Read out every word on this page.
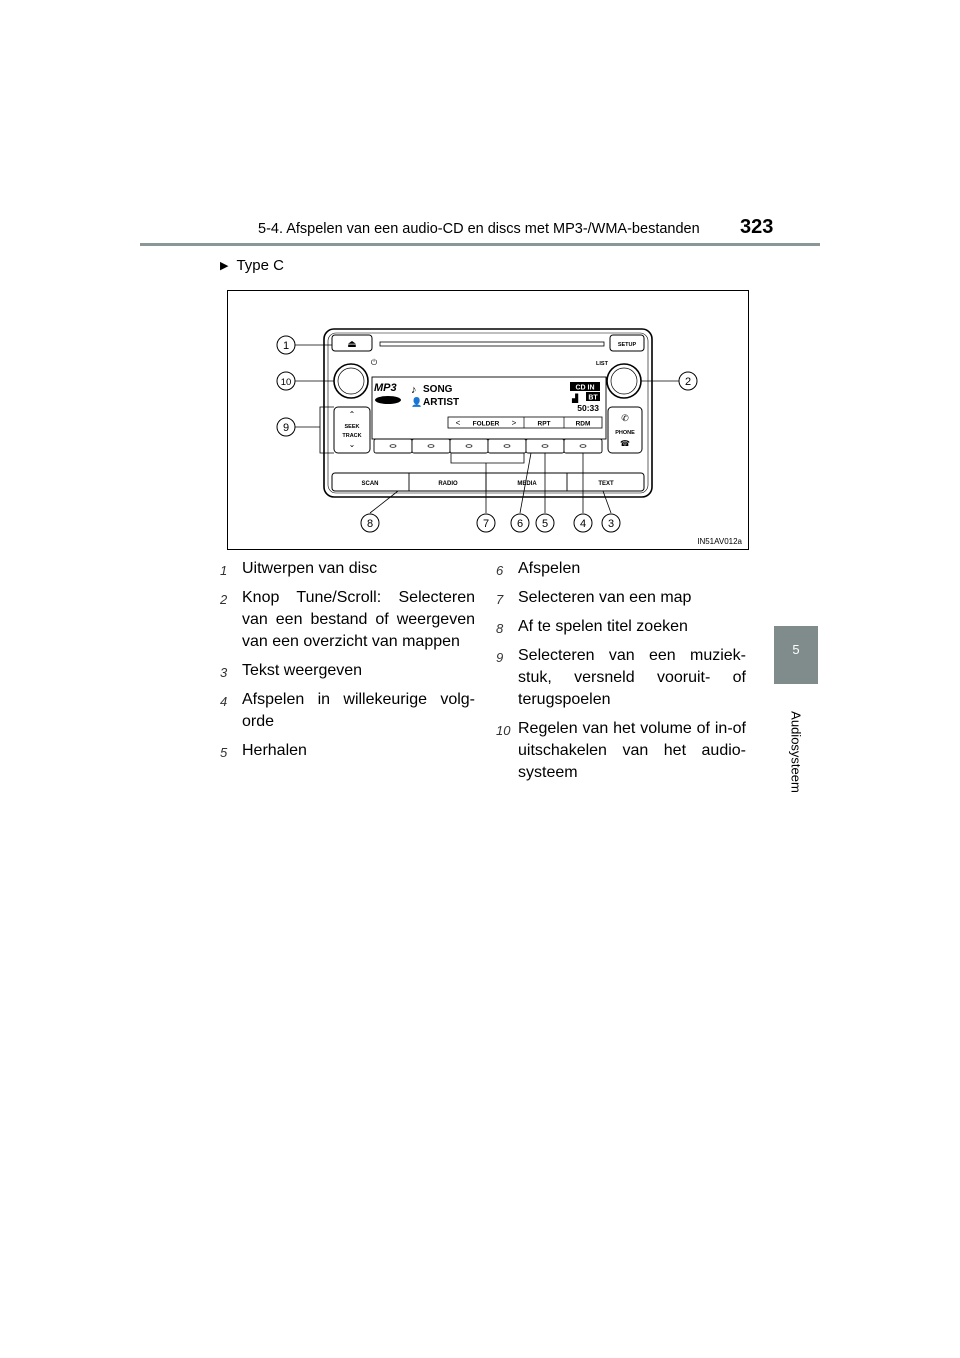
5-4. Afspelen van een audio-CD en discs met MP3-/WMA-bestanden 323
5
Audiosysteem
▶ Type C
⏏	SETUP
⏻	LIST
MP3 ♪ SONG
👤 ARTIST
CD IN
▟ BT
50:33
< FOLDER >	RPT	RDM
⌃
SEEK
TRACK
⌄
✆
PHONE
☎
SCAN	RADIO	MEDIA	TEXT
1
10
9
2
8	7	6 5	4 3
IN51AV012a
1 Uitwerpen van disc
2 Knop Tune/Scroll: Selecteren van een bestand of weergeven van een overzicht van mappen
3 Tekst weergeven
4 Afspelen in willekeurige volg-orde
5 Herhalen
6 Afspelen
7 Selecteren van een map
8 Af te spelen titel zoeken
9 Selecteren van een muziek-stuk, versneld vooruit- of terugspoelen
10 Regelen van het volume of in-of uitschakelen van het audio-systeem
